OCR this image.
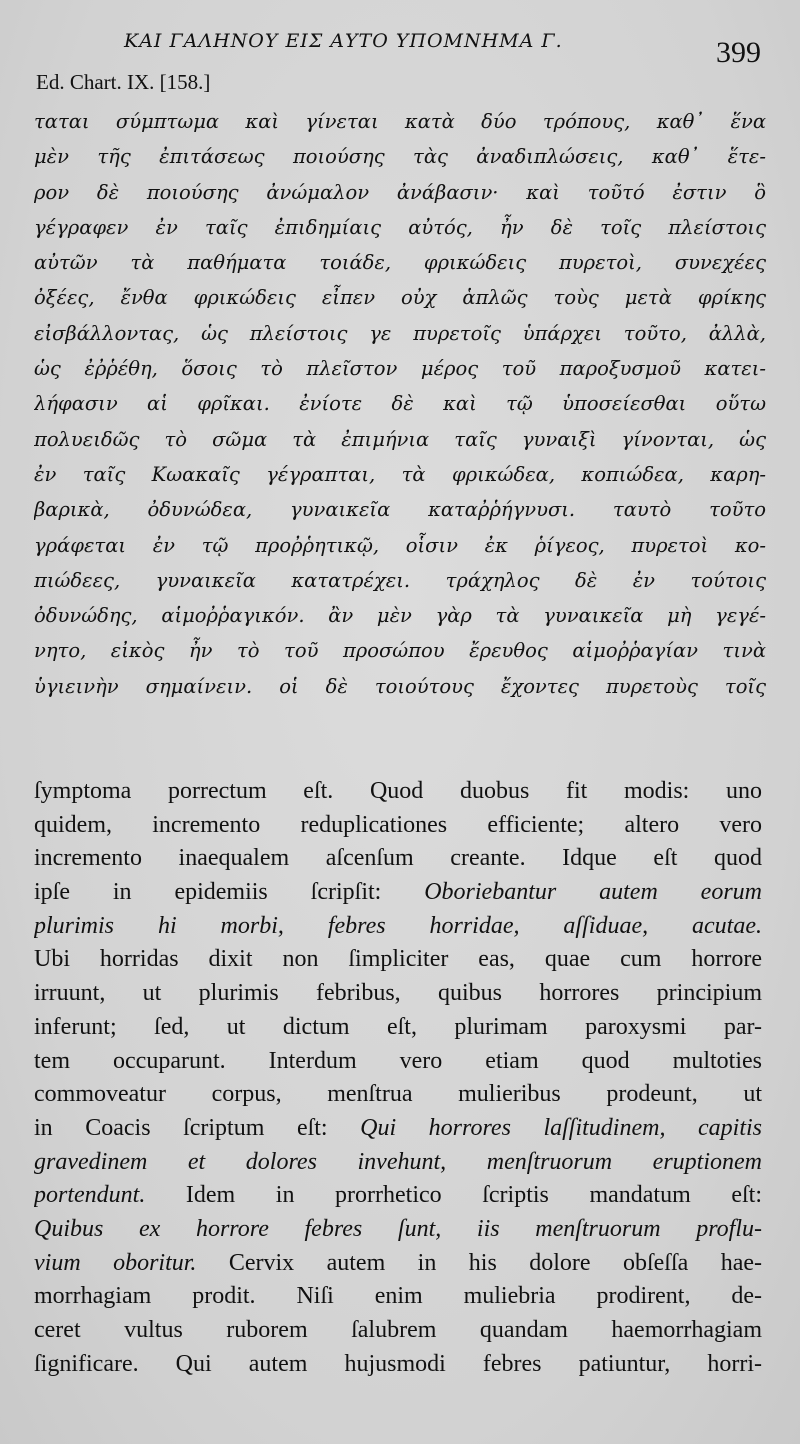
ΚΑΙ ΓΑΛΗΝΟΥ ΕΙΣ ΑΥΤΟ ΥΠΟΜΝΗΜΑ Γ.	399
Ed. Chart. IX. [158.]
ταται σύμπτωμα καὶ γίνεται κατὰ δύο τρόπους, καθ᾽ ἕνα
μὲν τῆς ἐπιτάσεως ποιούσης τὰς ἀναδιπλώσεις, καθ᾽ ἕτε-
ρον δὲ ποιούσης ἀνώμαλον ἀνάβασιν· καὶ τοῦτό ἐστιν ὃ
γέγραφεν ἐν ταῖς ἐπιδημίαις αὐτός, ἦν δὲ τοῖς πλείστοις
αὐτῶν τὰ παθήματα τοιάδε, φρικώδεις πυρετοὶ, συνεχέες
ὀξέες, ἔνθα φρικώδεις εἶπεν οὐχ ἁπλῶς τοὺς μετὰ φρίκης
εἰσβάλλοντας, ὡς πλείστοις γε πυρετοῖς ὑπάρχει τοῦτο, ἀλλὰ,
ὡς ἐῤῥέθη, ὅσοις τὸ πλεῖστον μέρος τοῦ παροξυσμοῦ κατει-
λήφασιν αἱ φρῖκαι. ἐνίοτε δὲ καὶ τῷ ὑποσείεσθαι οὕτω
πολυειδῶς τὸ σῶμα τὰ ἐπιμήνια ταῖς γυναιξὶ γίνονται, ὡς
ἐν ταῖς Κωακαῖς γέγραπται, τὰ φρικώδεα, κοπιώδεα, καρη-
βαρικὰ, ὀδυνώδεα, γυναικεῖα καταῤῥήγνυσι. ταυτὸ τοῦτο
γράφεται ἐν τῷ προῤῥητικῷ, οἷσιν ἐκ ῥίγεος, πυρετοὶ κο-
πιώδεες, γυναικεῖα κατατρέχει. τράχηλος δὲ ἐν τούτοις
ὀδυνώδης, αἱμοῤῥαγικόν. ἂν μὲν γὰρ τὰ γυναικεῖα μὴ γεγέ-
νητο, εἰκὸς ἦν τὸ τοῦ προσώπου ἔρευθος αἱμοῤῥαγίαν τινὰ
ὑγιεινὴν σημαίνειν. οἱ δὲ τοιούτους ἔχοντες πυρετοὺς τοῖς
ſymptoma porrectum eſt. Quod duobus fit modis: uno
quidem, incremento reduplicationes efficiente; altero vero
incremento inaequalem aſcenſum creante. Idque eſt quod
ipſe in epidemiis ſcripſit: Oboriebantur autem eorum
plurimis hi morbi, febres horridae, aſſiduae, acutae.
Ubi horridas dixit non ſimpliciter eas, quae cum horrore
irruunt, ut plurimis febribus, quibus horrores principium
inferunt; ſed, ut dictum eſt, plurimam paroxysmi par-
tem occuparunt. Interdum vero etiam quod multoties
commoveatur corpus, menſtrua mulieribus prodeunt, ut
in Coacis ſcriptum eſt: Qui horrores laſſitudinem, capitis
gravedinem et dolores invehunt, menſtruorum eruptionem
portendunt. Idem in prorrhetico ſcriptis mandatum eſt:
Quibus ex horrore febres ſunt, iis menſtruorum proflu-
vium oboritur. Cervix autem in his dolore obſeſſa hae-
morrhagiam prodit. Niſi enim muliebria prodirent, de-
ceret vultus ruborem ſalubrem quandam haemorrhagiam
ſignificare. Qui autem hujusmodi febres patiuntur, horri-
